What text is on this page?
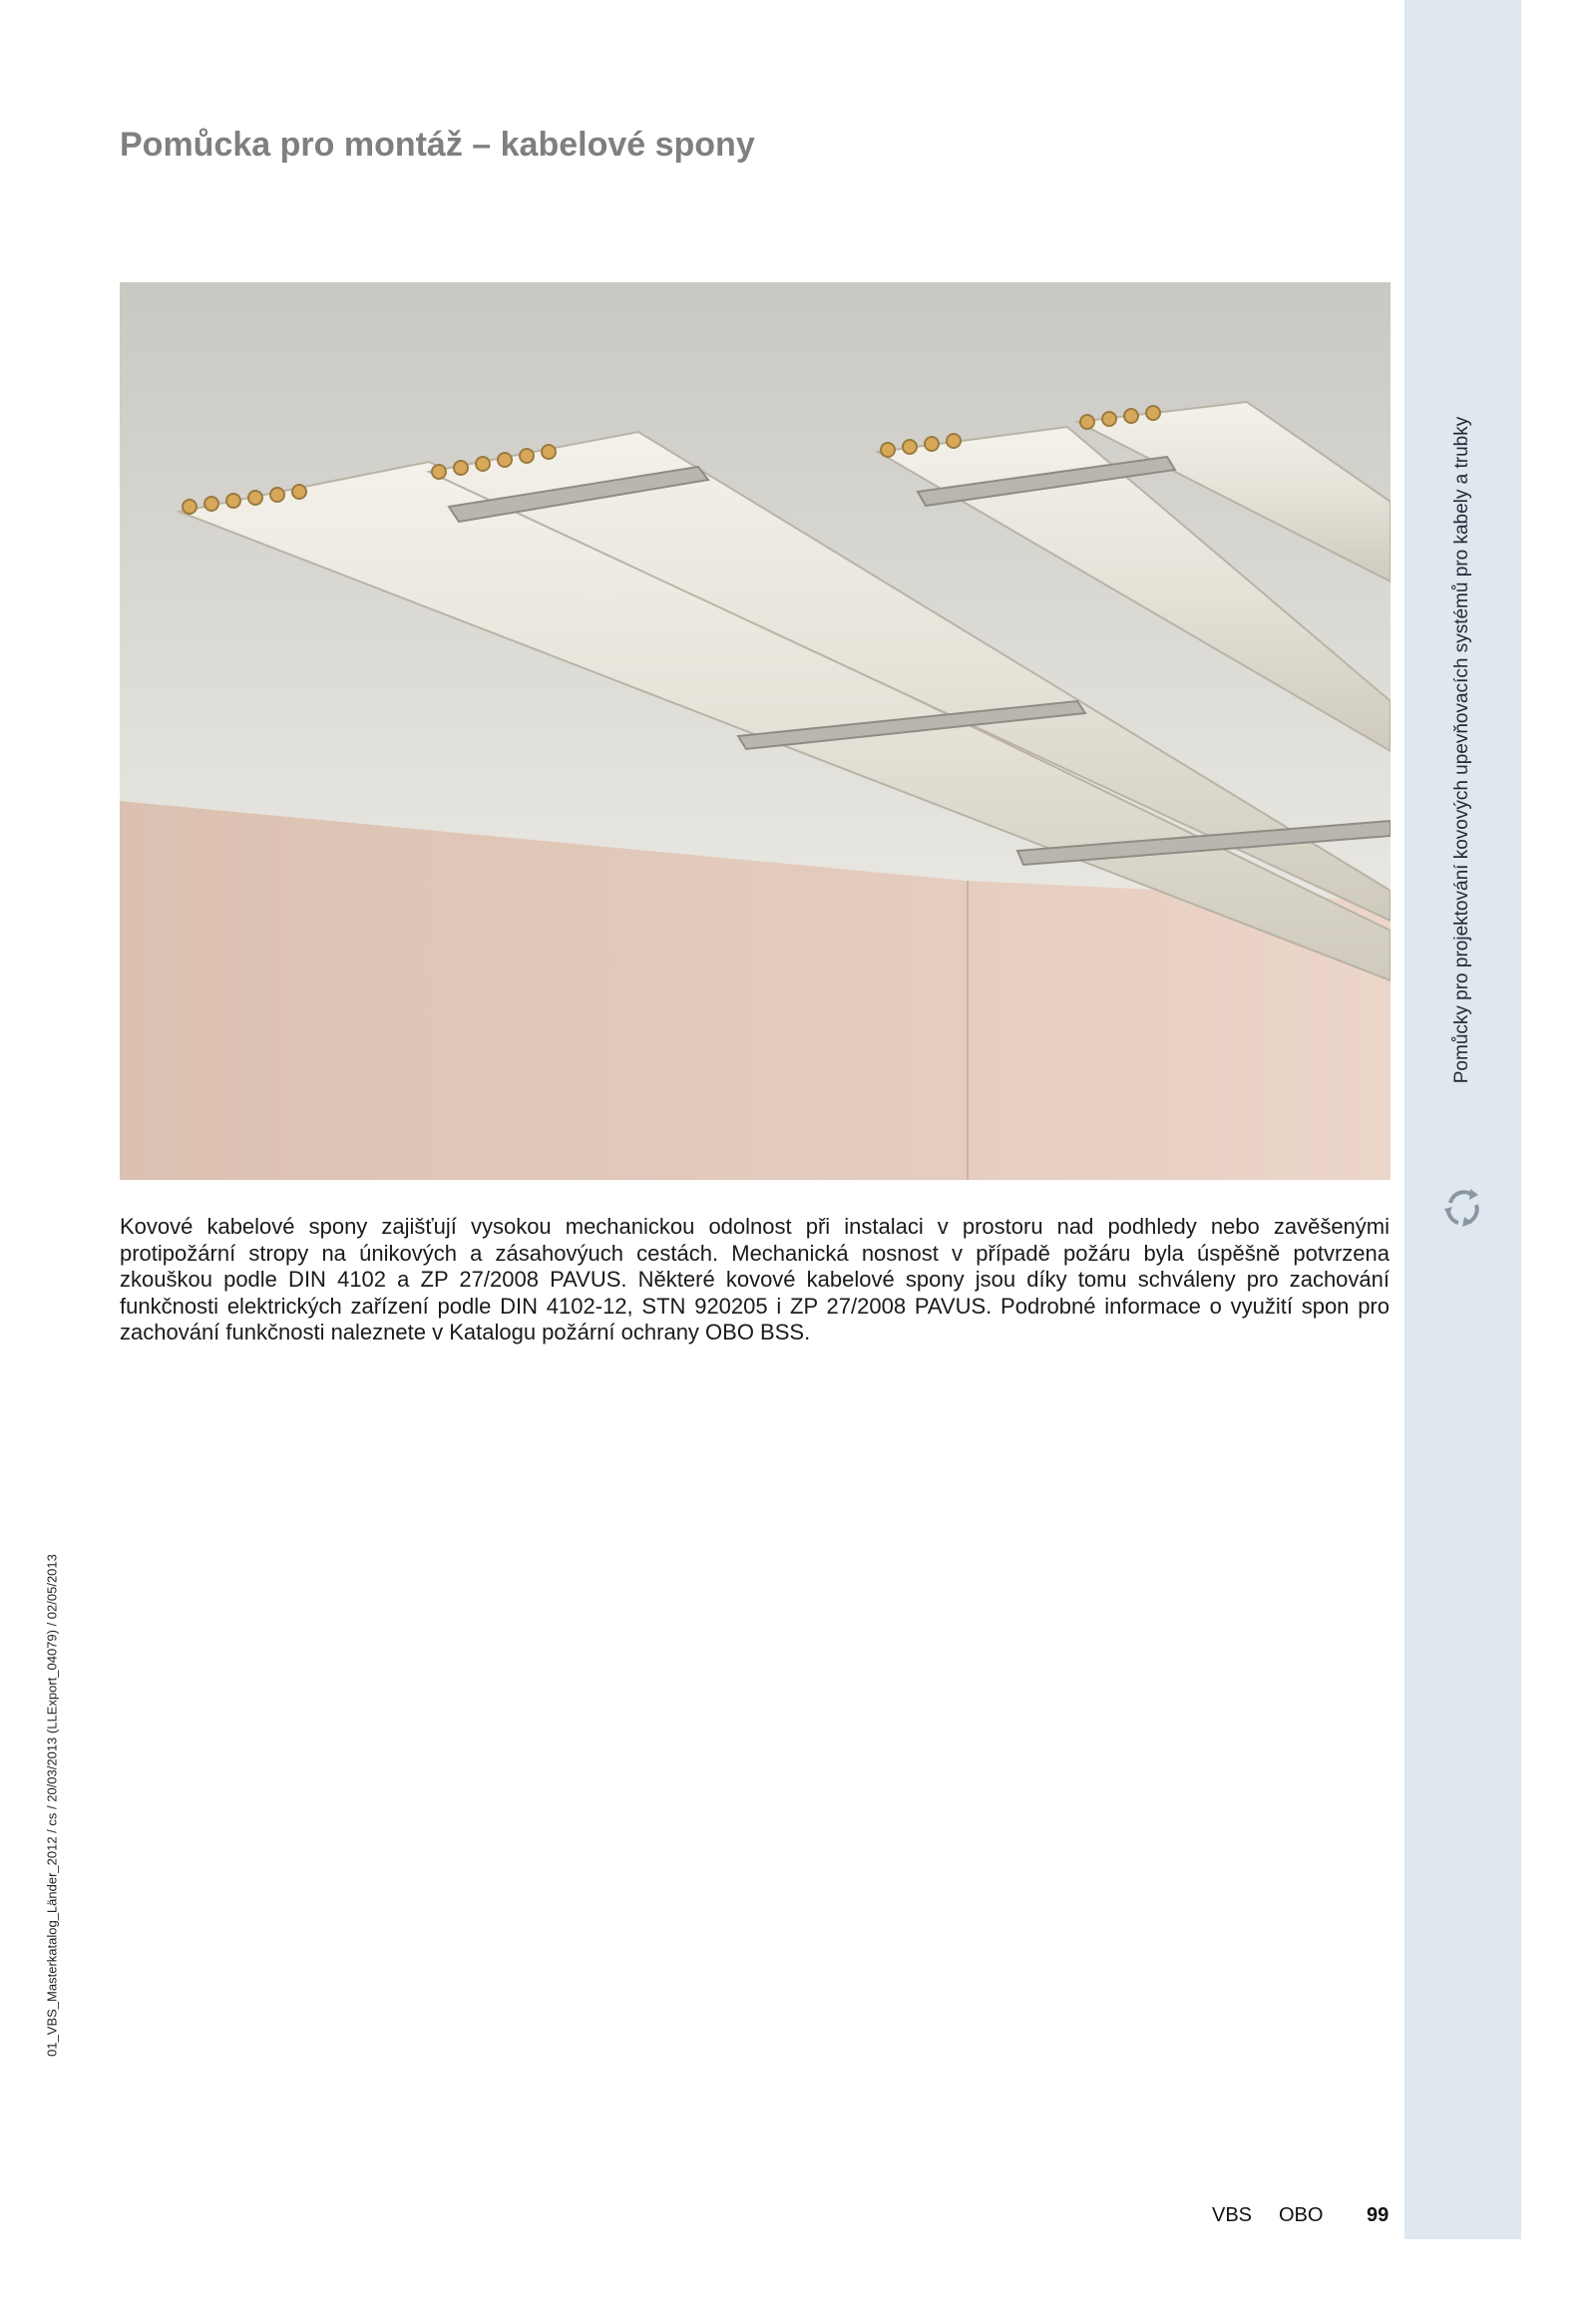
Pomůcky pro projektování kovových upevňovacích systémů pro kabely a trubky
Pomůcka pro montáž – kabelové spony

Kovové kabelové spony zajišťují vysokou mechanickou odolnost při instalaci v prostoru nad podhledy nebo zavěšenými protipožární stropy na únikových a zásahovýuch cestách. Mechanická nosnost v případě požáru byla úspěšně potvrzena zkouškou podle DIN 4102 a ZP 27/2008 PAVUS. Některé kovové kabelové spony jsou díky tomu schváleny pro zachování funkčnosti elektrických zařízení podle DIN 4102-12, STN 920205 i ZP 27/2008 PAVUS. Podrobné informace o využití spon pro zachování funkčnosti naleznete v Katalogu požární ochrany OBO BSS.

01_VBS_Masterkatalog_Länder_2012 / cs / 20/03/2013 (LLExport_04079) / 02/05/2013
VBS OBO 99
